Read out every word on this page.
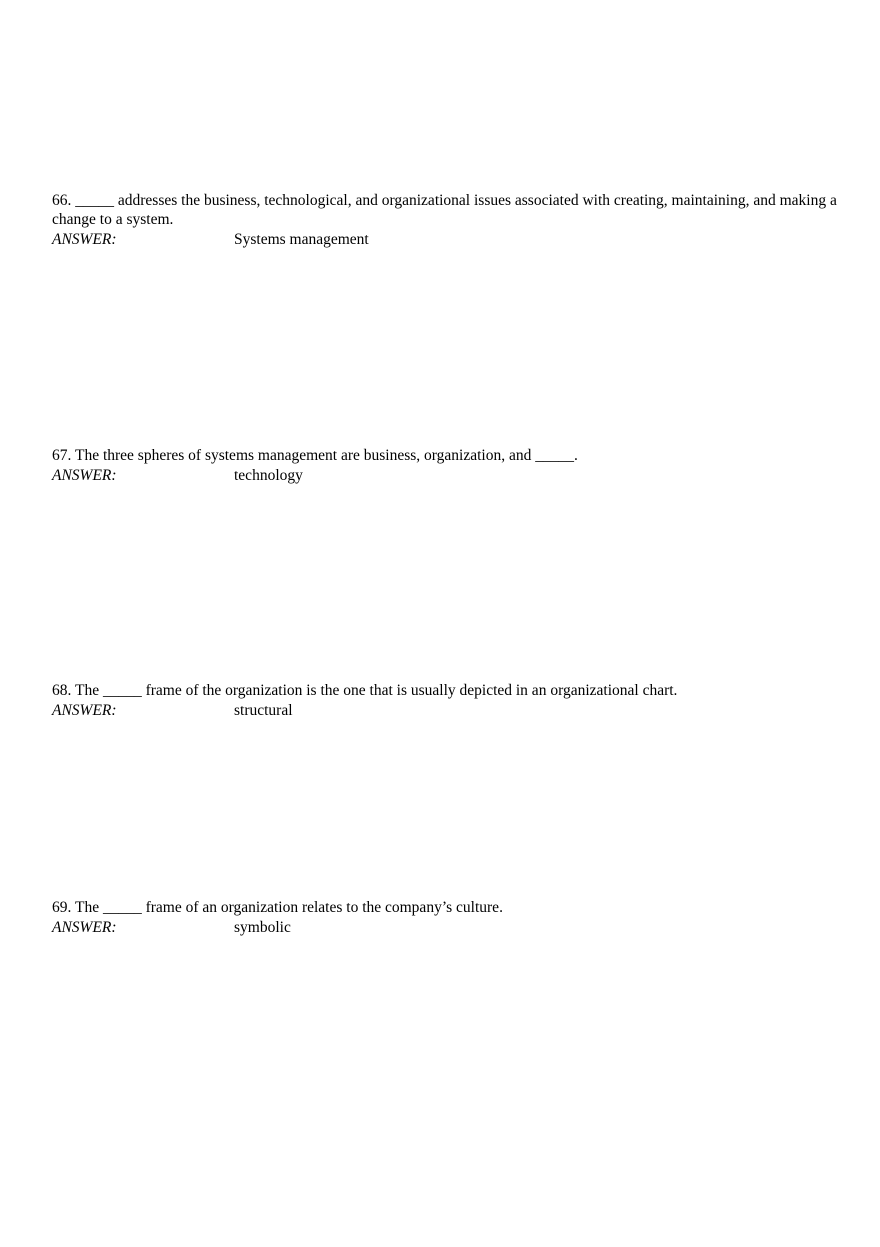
66. _____ addresses the business, technological, and organizational issues associated with creating, maintaining, and making a change to a system.

ANSWER:	Systems management

67. The three spheres of systems management are business, organization, and _____.

ANSWER:	technology

68. The _____ frame of the organization is the one that is usually depicted in an organizational chart.

ANSWER:	structural

69. The _____ frame of an organization relates to the company’s culture.

ANSWER:	symbolic
